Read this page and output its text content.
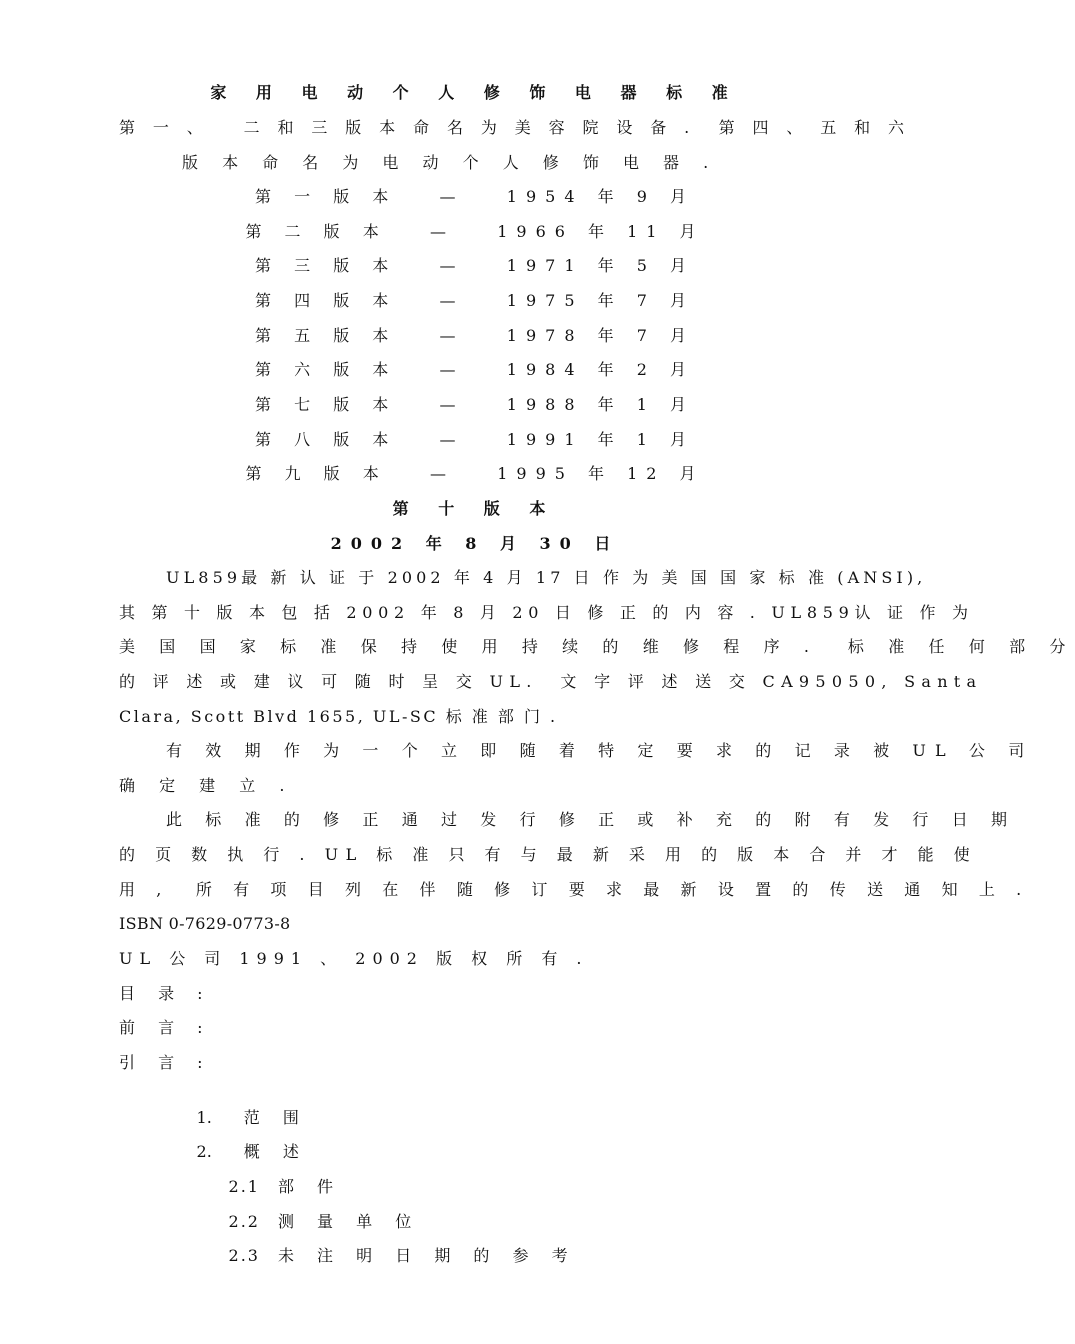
家 用 电 动 个 人 修 饰 电 器 标 准
第 一 、   二 和 三 版 本 命 名 为 美 容 院 设 备 .  第 四 、 五 和 六
版 本 命 名 为 电 动 个 人 修 饰 电 器 .
第 一 版 本   —   1954 年 9 月
第 二 版 本   —   1966 年 11 月
第 三 版 本   —   1971 年 5 月
第 四 版 本   —   1975 年 7 月
第 五 版 本   —   1978 年 7 月
第 六 版 本   —   1984 年 2 月
第 七 版 本   —   1988 年 1 月
第 八 版 本   —   1991 年 1 月
第 九 版 本   —   1995 年 12 月
第 十 版 本
2002 年 8 月 30 日
UL859最 新 认 证 于 2002 年 4 月 17 日 作 为 美 国 国 家 标 准 (ANSI),
其 第 十 版 本 包 括 2002 年 8 月 20 日 修 正 的 内 容 . UL859认 证 作 为
美 国 国 家 标 准 保 持 使 用 持 续 的 维 修 程 序 .  标 准 任 何 部 分
的 评 述 或 建 议 可 随 时 呈 交 UL.  文 字 评 述 送 交 CA95050, Santa
Clara, Scott Blvd 1655, UL-SC 标 准 部 门 .
有 效 期 作 为 一 个 立 即 随 着 特 定 要 求 的 记 录 被 UL 公 司
确 定 建 立 .
此 标 准 的 修 正 通 过 发 行 修 正 或 补 充 的 附 有 发 行 日 期
的 页 数 执 行 . UL 标 准 只 有 与 最 新 采 用 的 版 本 合 并 才 能 使
用 ,  所 有 项 目 列 在 伴 随 修 订 要 求 最 新 设 置 的 传 送 通 知 上 .
ISBN 0-7629-0773-8
UL 公 司 1991 、 2002 版 权 所 有 .
目 录 :
前 言 :
引 言 :

1. 范 围

2. 概 述

2.1 部 件

2.2 测 量 单 位

2.3 未 注 明 日 期 的 参 考
